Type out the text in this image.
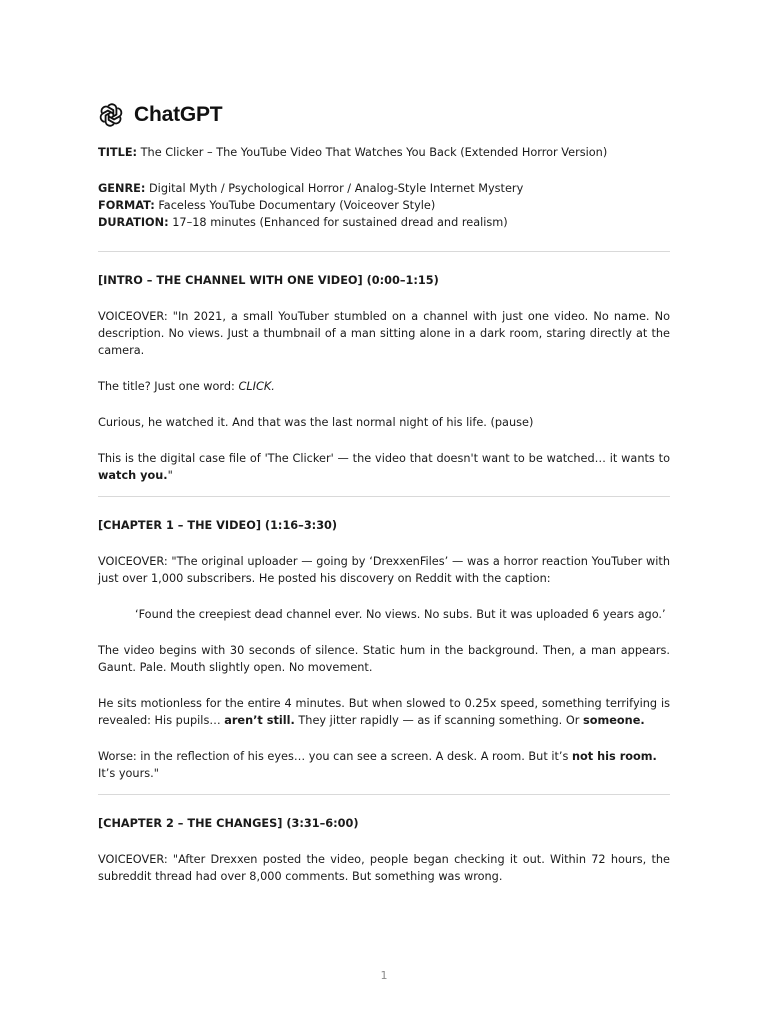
ChatGPT

TITLE: The Clicker – The YouTube Video That Watches You Back (Extended Horror Version)

GENRE: Digital Myth / Psychological Horror / Analog-Style Internet Mystery

FORMAT: Faceless YouTube Documentary (Voiceover Style)

DURATION: 17–18 minutes (Enhanced for sustained dread and realism)

[INTRO – THE CHANNEL WITH ONE VIDEO] (0:00–1:15)

VOICEOVER: "In 2021, a small YouTuber stumbled on a channel with just one video. No name. No description. No views. Just a thumbnail of a man sitting alone in a dark room, staring directly at the camera.

The title? Just one word: CLICK.

Curious, he watched it. And that was the last normal night of his life. (pause)

This is the digital case file of 'The Clicker' — the video that doesn't want to be watched… it wants to watch you."

[CHAPTER 1 – THE VIDEO] (1:16–3:30)

VOICEOVER: "The original uploader — going by ‘DrexxenFiles’ — was a horror reaction YouTuber with just over 1,000 subscribers. He posted his discovery on Reddit with the caption:

‘Found the creepiest dead channel ever. No views. No subs. But it was uploaded 6 years ago.’

The video begins with 30 seconds of silence. Static hum in the background. Then, a man appears. Gaunt. Pale. Mouth slightly open. No movement.

He sits motionless for the entire 4 minutes. But when slowed to 0.25x speed, something terrifying is revealed: His pupils… aren’t still. They jitter rapidly — as if scanning something. Or someone.

Worse: in the reflection of his eyes… you can see a screen. A desk. A room. But it’s not his room. It’s yours."

[CHAPTER 2 – THE CHANGES] (3:31–6:00)

VOICEOVER: "After Drexxen posted the video, people began checking it out. Within 72 hours, the subreddit thread had over 8,000 comments. But something was wrong.

1
